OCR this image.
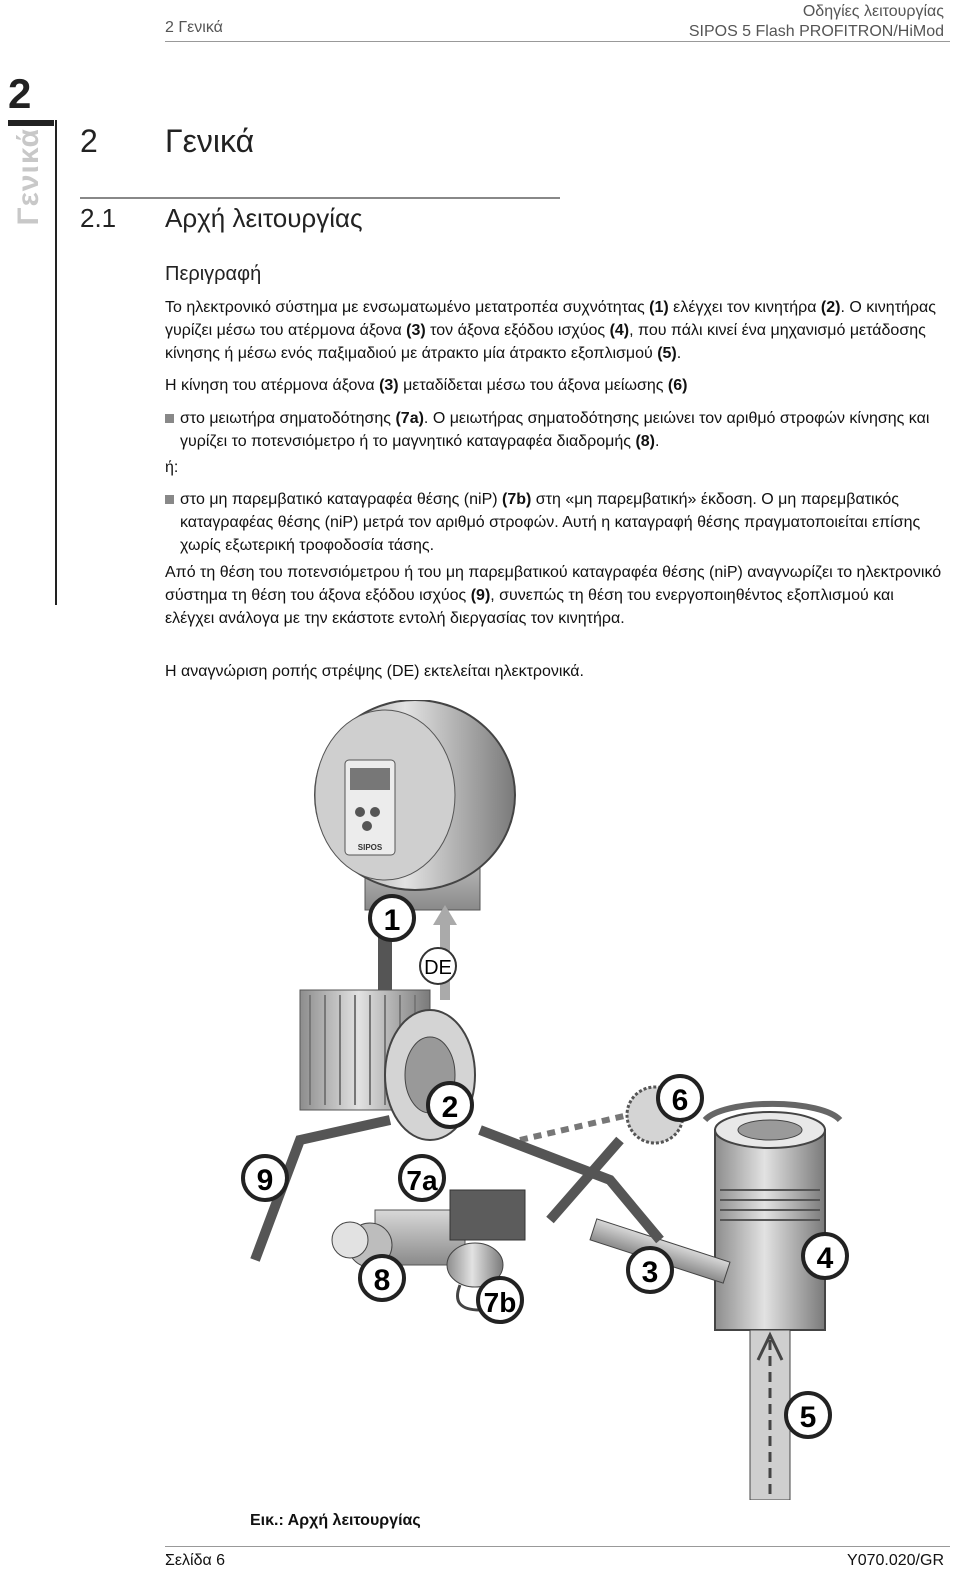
2 Γενικά
Οδηγίες λειτουργίας
SIPOS 5 Flash PROFITRON/HiMod
2
Γενικά 2 Γενικά
2.1 Αρχή λειτουργίας
Περιγραφή
Το ηλεκτρονικό σύστημα με ενσωματωμένο μετατροπέα συχνότητας (1) ελέγχει τον κινητήρα (2). Ο κινητήρας γυρίζει μέσω του ατέρμονα άξονα (3) τον άξονα εξόδου ισχύος (4), που πάλι κινεί ένα μηχανισμό μετάδοσης κίνησης ή μέσω ενός παξιμαδιού με άτρακτο μία άτρακτο εξοπλισμού (5).
Η κίνηση του ατέρμονα άξονα (3) μεταδίδεται μέσω του άξονα μείωσης (6)
στο μειωτήρα σηματοδότησης (7a). Ο μειωτήρας σηματοδότησης μειώνει τον αριθμό στροφών κίνησης και γυρίζει το ποτενσιόμετρο ή το μαγνητικό καταγραφέα διαδρομής (8).
ή:
στο μη παρεμβατικό καταγραφέα θέσης (niP) (7b) στη «μη παρεμβατική» έκδοση. Ο μη παρεμβατικός καταγραφέας θέσης (niP) μετρά τον αριθμό στροφών. Αυτή η καταγραφή θέσης πραγματοποιείται επίσης χωρίς εξωτερική τροφοδοσία τάσης.
Από τη θέση του ποτενσιόμετρου ή του μη παρεμβατικού καταγραφέα θέσης (niP) αναγνωρίζει το ηλεκτρονικό σύστημα τη θέση του άξονα εξόδου ισχύος (9), συνεπώς τη θέση του ενεργοποιηθέντος εξοπλισμού και ελέγχει ανάλογα με την εκάστοτε εντολή διεργασίας τον κινητήρα.
Η αναγνώριση ροπής στρέψης (DE) εκτελείται ηλεκτρονικά.
SIPOS
1
DE
2
9	7a
8
7b
6
3	4
5
Εικ.: Αρχή λειτουργίας
Σελίδα 6	Y070.020/GR
